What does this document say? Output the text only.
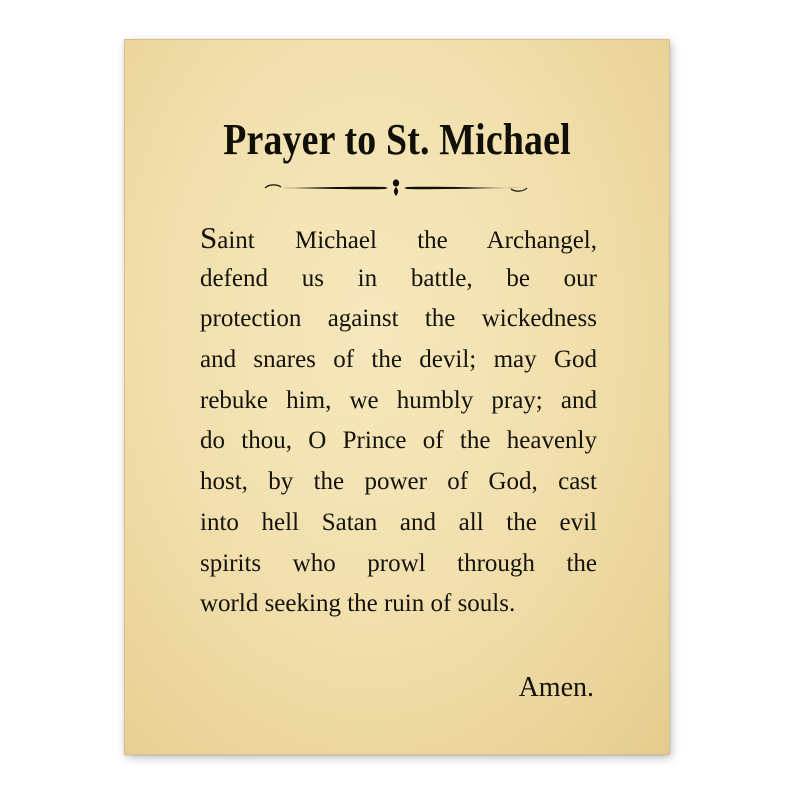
Prayer to St. Michael
Saint Michael the Archangel,
defend us in battle, be our
protection against the wickedness
and snares of the devil; may God
rebuke him, we humbly pray; and
do thou, O Prince of the heavenly
host, by the power of God, cast
into hell Satan and all the evil
spirits who prowl through the
world seeking the ruin of souls.

Amen.
